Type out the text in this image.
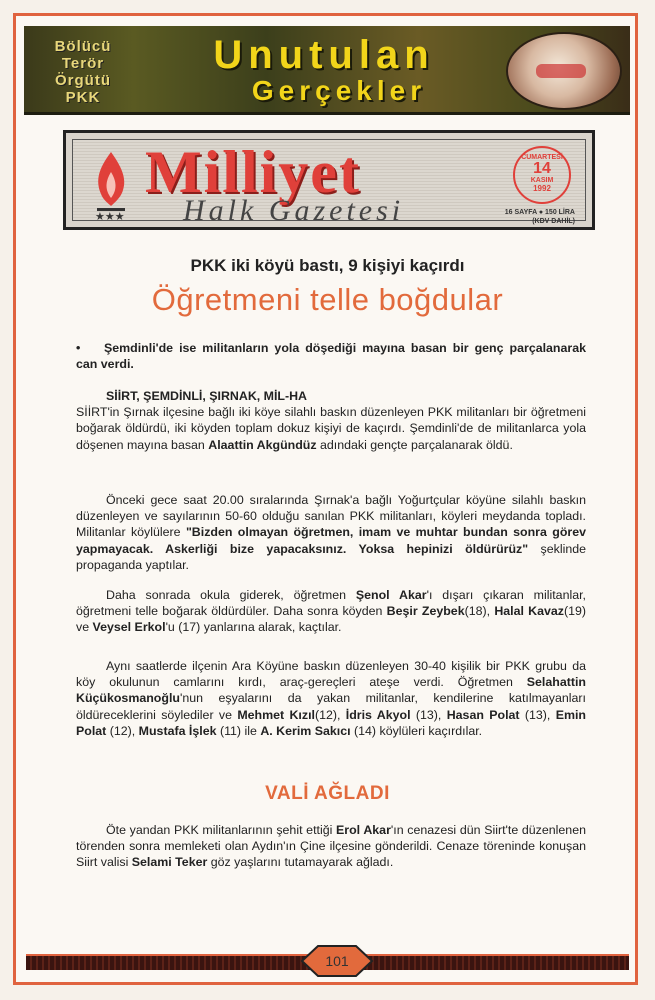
Bölücü
Terör
Örgütü
PKK
Unutulan
Gerçekler
★★★
Milliyet
Halk Gazetesi
CUMARTESİ
14
KASIM
1992
16 SAYFA ● 150 LİRA
(KDV DAHİL)
PKK iki köyü bastı, 9 kişiyi kaçırdı
Öğretmeni telle boğdular
• Şemdinli'de ise militanların yola döşediği mayına basan bir genç parçalanarak can verdi.
SİİRT, ŞEMDİNLİ, ŞIRNAK, MİL-HA
SİİRT'in Şırnak ilçesine bağlı iki köye silahlı baskın düzenleyen PKK militanları bir öğretmeni boğarak öldürdü, iki köyden toplam dokuz kişiyi de kaçırdı. Şemdinli'de de militanlarca yola döşenen mayına basan Alaattin Akgündüz adındaki gençte parçalanarak öldü.
Önceki gece saat 20.00 sıralarında Şırnak'a bağlı Yoğurtçular köyüne silahlı baskın düzenleyen ve sayılarının 50-60 olduğu sanılan PKK militanları, köyleri meydanda topladı. Militanlar köylülere "Bizden olmayan öğretmen, imam ve muhtar bundan sonra görev yapmayacak. Askerliği bize yapacaksınız. Yoksa hepinizi öldürürüz" şeklinde propaganda yaptılar.
Daha sonrada okula giderek, öğretmen Şenol Akar'ı dışarı çıkaran militanlar, öğretmeni telle boğarak öldürdüler. Daha sonra köyden Beşir Zeybek(18), Halal Kavaz(19) ve Veysel Erkol'u (17) yanlarına alarak, kaçtılar.
Aynı saatlerde ilçenin Ara Köyüne baskın düzenleyen 30-40 kişilik bir PKK grubu da köy okulunun camlarını kırdı, araç-gereçleri ateşe verdi. Öğretmen Selahattin Küçükosmanoğlu'nun eşyalarını da yakan militanlar, kendilerine katılmayanları öldüreceklerini söylediler ve Mehmet Kızıl(12), İdris Akyol (13), Hasan Polat (13), Emin Polat (12), Mustafa İşlek (11) ile A. Kerim Sakıcı (14) köylüleri kaçırdılar.
VALİ AĞLADI
Öte yandan PKK militanlarının şehit ettiği Erol Akar'ın cenazesi dün Siirt'te düzenlenen törenden sonra memleketi olan Aydın'ın Çine ilçesine gönderildi. Cenaze töreninde konuşan Siirt valisi Selami Teker göz yaşlarını tutamayarak ağladı.
101
